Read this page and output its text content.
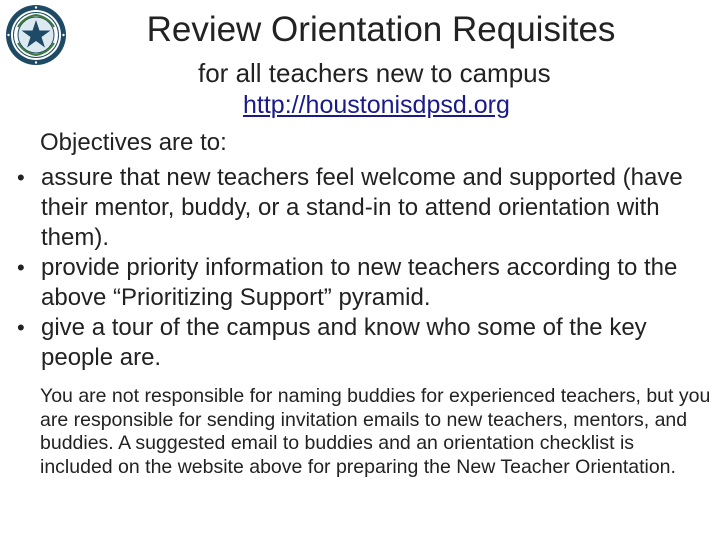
Review Orientation Requisites
for all teachers new to campus
http://houstonisdpsd.org
Objectives are to:
• assure that new teachers feel welcome and supported (have their mentor, buddy, or a stand-in to attend orientation with them).
• provide priority information to new teachers according to the above “Prioritizing Support” pyramid.
• give a tour of the campus and know who some of the key people are.
You are not responsible for naming buddies for experienced teachers, but you are responsible for sending invitation emails to new teachers, mentors, and buddies. A suggested email to buddies and an orientation checklist is included on the website above for preparing the New Teacher Orientation.
